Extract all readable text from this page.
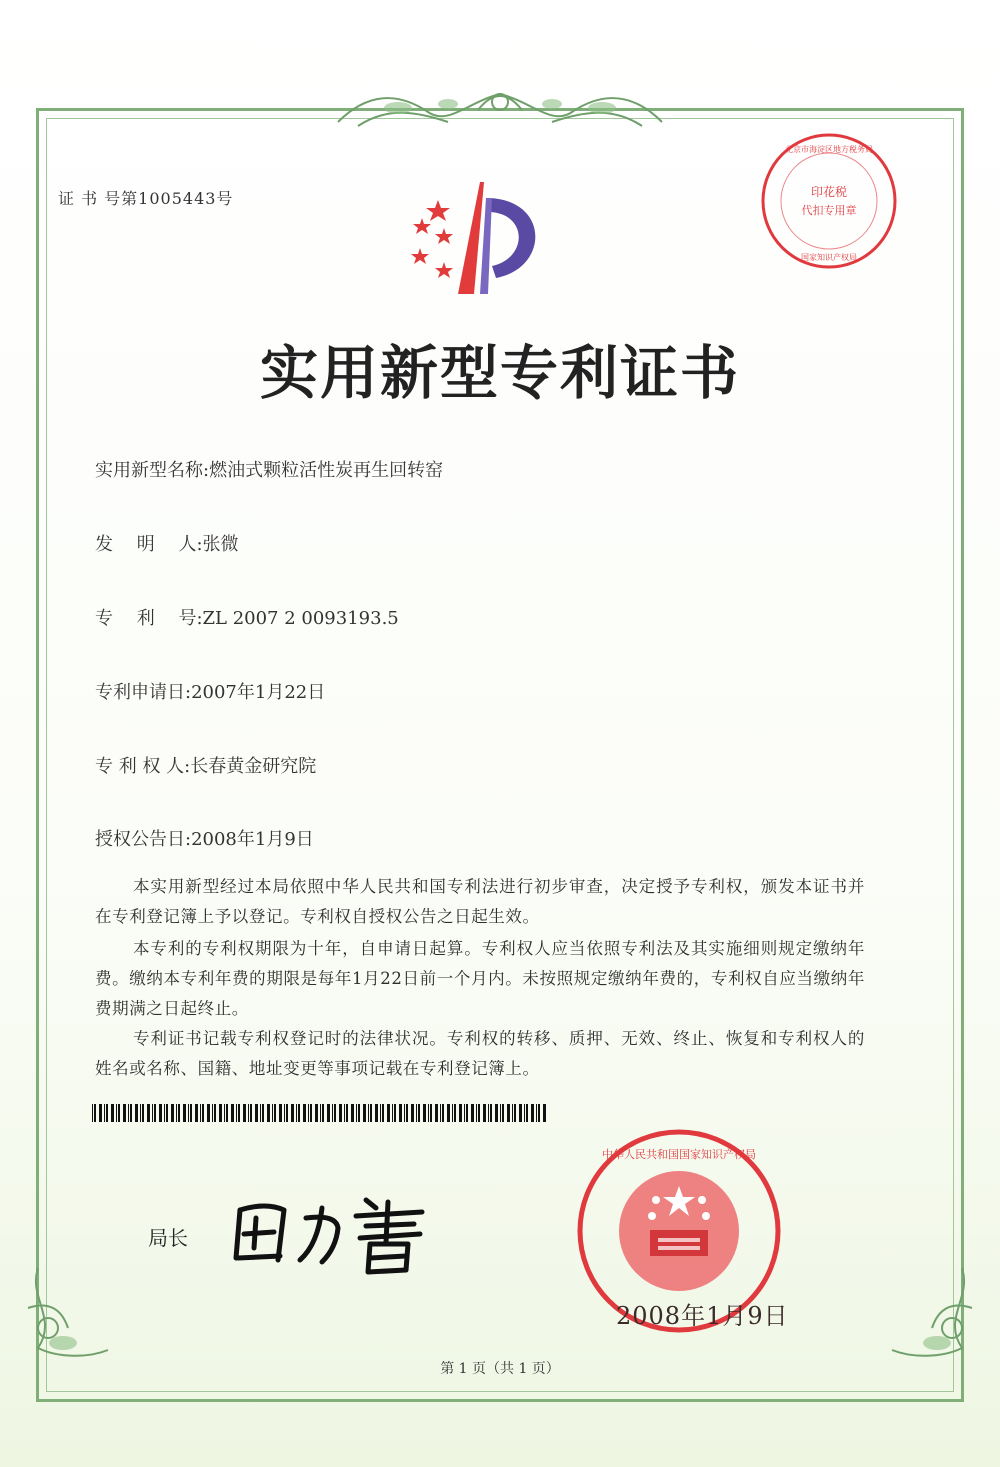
证 书 号第1005443号
实用新型专利证书
实用新型名称:燃油式颗粒活性炭再生回转窑
发　 明　 人:张微
专　 利　 号:ZL 2007 2 0093193.5
专利申请日:2007年1月22日
专 利 权 人:长春黄金研究院
授权公告日:2008年1月9日
本实用新型经过本局依照中华人民共和国专利法进行初步审查，决定授予专利权，颁发本证书并在专利登记簿上予以登记。专利权自授权公告之日起生效。
本专利的专利权期限为十年，自申请日起算。专利权人应当依照专利法及其实施细则规定缴纳年费。缴纳本专利年费的期限是每年1月22日前一个月内。未按照规定缴纳年费的，专利权自应当缴纳年费期满之日起终止。
专利证书记载专利权登记时的法律状况。专利权的转移、质押、无效、终止、恢复和专利权人的姓名或名称、国籍、地址变更等事项记载在专利登记簿上。
局长
印花税
代扣专用章
北京市海淀区地方税务局
国家知识产权局
中华人民共和国国家知识产权局
2008年1月9日
第 1 页（共 1 页）
